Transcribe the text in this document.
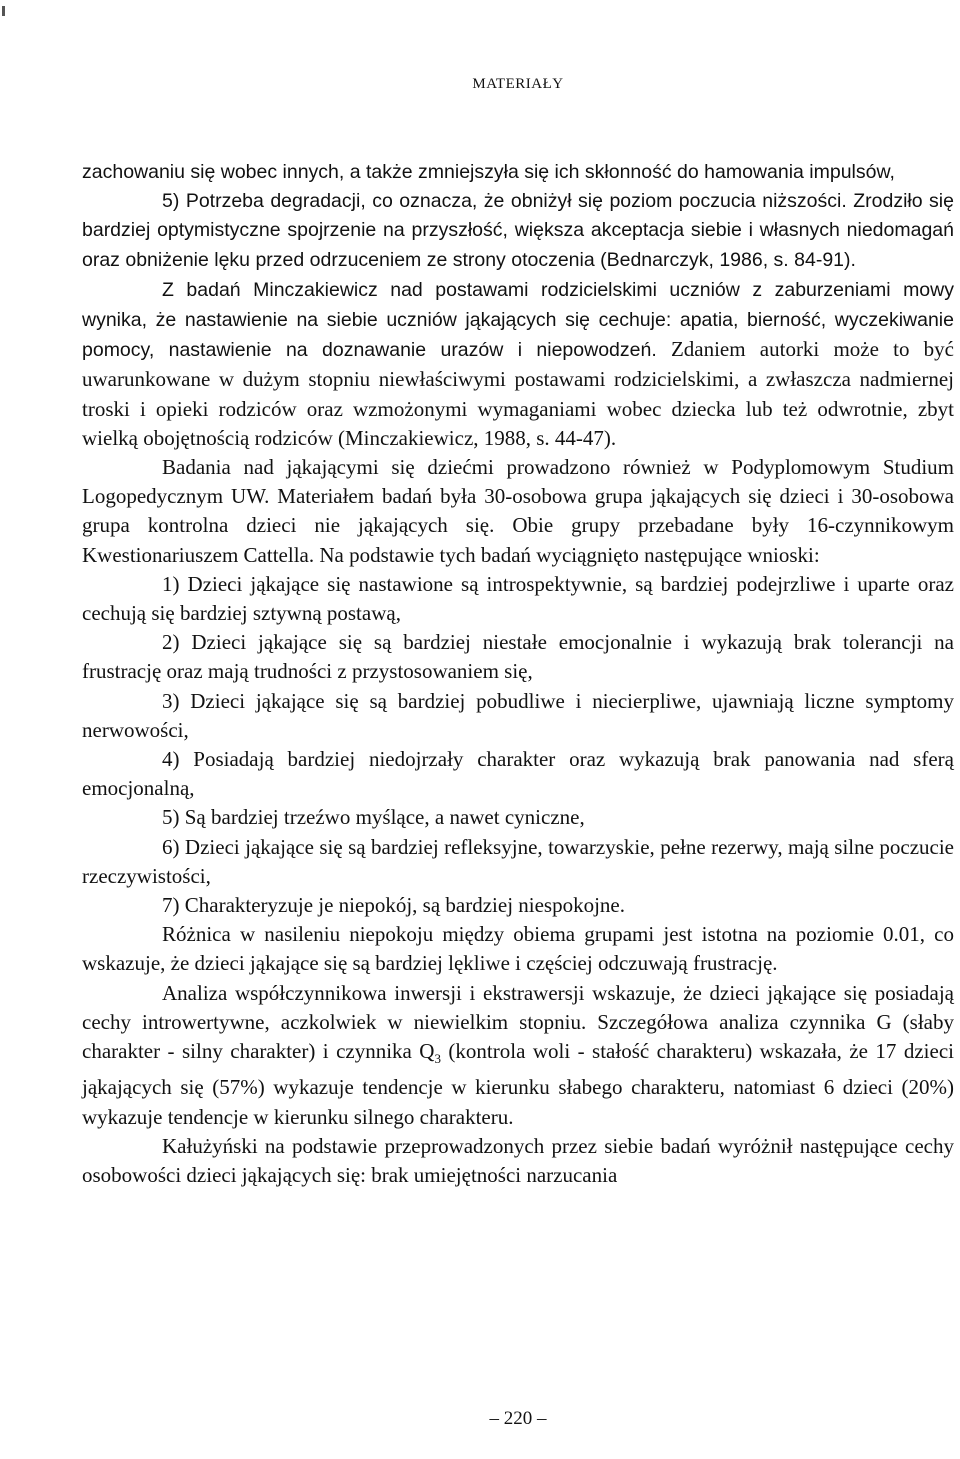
MATERIAŁY

zachowaniu się wobec innych, a także zmniejszyła się ich skłonność do hamowania impulsów,

5) Potrzeba degradacji, co oznacza, że obniżył się poziom poczucia niższości. Zrodziło się bardziej optymistyczne spojrzenie na przyszłość, większa akceptacja siebie i własnych niedomagań oraz obniżenie lęku przed odrzuceniem ze strony otoczenia (Bednarczyk, 1986, s. 84-91).

Z badań Minczakiewicz nad postawami rodzicielskimi uczniów z zaburzeniami mowy wynika, że nastawienie na siebie uczniów jąkających się cechuje: apatia, bierność, wyczekiwanie pomocy, nastawienie na doznawanie urazów i niepowodzeń. Zdaniem autorki może to być uwarunkowane w dużym stopniu niewłaściwymi postawami rodzicielskimi, a zwłaszcza nadmiernej troski i opieki rodziców oraz wzmożonymi wymaganiami wobec dziecka lub też odwrotnie, zbyt wielką obojętnością rodziców (Minczakiewicz, 1988, s. 44-47).

Badania nad jąkającymi się dziećmi prowadzono również w Podyplomowym Studium Logopedycznym UW. Materiałem badań była 30-osobowa grupa jąkających się dzieci i 30-osobowa grupa kontrolna dzieci nie jąkających się. Obie grupy przebadane były 16-czynnikowym Kwestionariuszem Cattella. Na podstawie tych badań wyciągnięto następujące wnioski:

1) Dzieci jąkające się nastawione są introspektywnie, są bardziej podejrzliwe i uparte oraz cechują się bardziej sztywną postawą,

2) Dzieci jąkające się są bardziej niestałe emocjonalnie i wykazują brak tolerancji na frustrację oraz mają trudności z przystosowaniem się,

3) Dzieci jąkające się są bardziej pobudliwe i niecierpliwe, ujawniają liczne symptomy nerwowości,

4) Posiadają bardziej niedojrzały charakter oraz wykazują brak panowania nad sferą emocjonalną,

5) Są bardziej trzeźwo myślące, a nawet cyniczne,

6) Dzieci jąkające się są bardziej refleksyjne, towarzyskie, pełne rezerwy, mają silne poczucie rzeczywistości,

7) Charakteryzuje je niepokój, są bardziej niespokojne.

Różnica w nasileniu niepokoju między obiema grupami jest istotna na poziomie 0.01, co wskazuje, że dzieci jąkające się są bardziej lękliwe i częściej odczuwają frustrację.

Analiza współczynnikowa inwersji i ekstrawersji wskazuje, że dzieci jąkające się posiadają cechy introwertywne, aczkolwiek w niewielkim stopniu. Szczegółowa analiza czynnika G (słaby charakter - silny charakter) i czynnika $Q_3$ (kontrola woli - stałość charakteru) wskazała, że 17 dzieci jąkających się (57%) wykazuje tendencje w kierunku słabego charakteru, natomiast 6 dzieci (20%) wykazuje tendencje w kierunku silnego charakteru.

Kałużyński na podstawie przeprowadzonych przez siebie badań wyróżnił następujące cechy osobowości dzieci jąkających się: brak umiejętności narzucania

– 220 –
